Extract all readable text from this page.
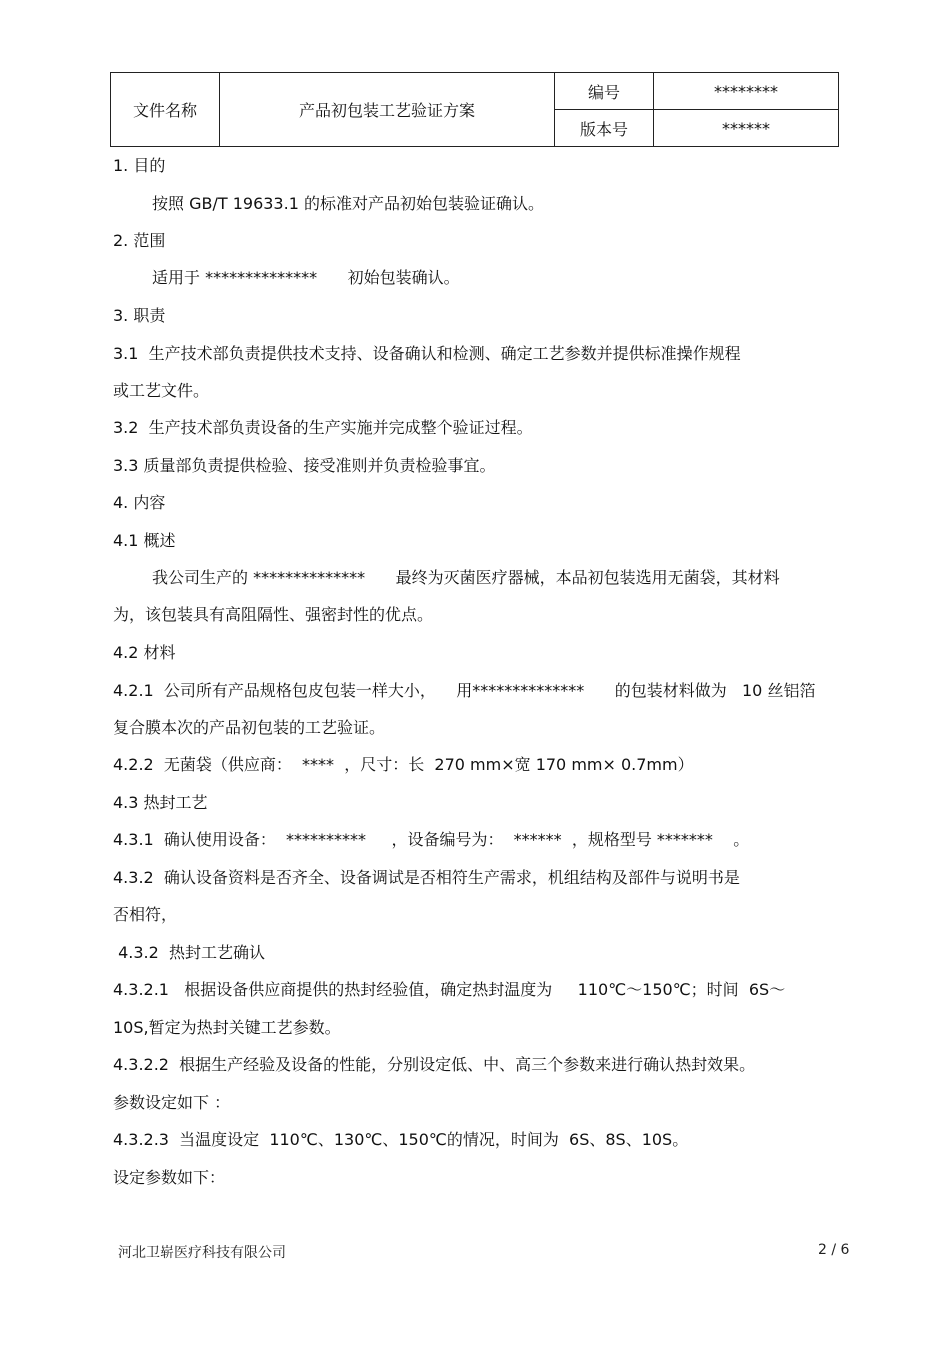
文件名称	产品初包装工艺验证方案	编号	********
		版本号	******
1. 目的
按照 GB/T 19633.1 的标准对产品初始包装验证确认。
2. 范围
适用于 **************      初始包装确认。
3. 职责
3.1  生产技术部负责提供技术支持、设备确认和检测、确定工艺参数并提供标准操作规程
或工艺文件。
3.2  生产技术部负责设备的生产实施并完成整个验证过程。
3.3 质量部负责提供检验、接受准则并负责检验事宜。
4. 内容
4.1 概述
我公司生产的 **************      最终为灭菌医疗器械，本品初包装选用无菌袋，其材料
为，该包装具有高阻隔性、强密封性的优点。
4.2 材料
4.2.1  公司所有产品规格包皮包装一样大小，    用**************      的包装材料做为   10 丝铝箔
复合膜本次的产品初包装的工艺验证。
4.2.2  无菌袋（供应商：  ****  ，尺寸：长  270 mm×宽 170 mm× 0.7mm）
4.3 热封工艺
4.3.1  确认使用设备：  **********     ，设备编号为：  ******  ，规格型号 *******    。
4.3.2  确认设备资料是否齐全、设备调试是否相符生产需求，机组结构及部件与说明书是
否相符，
4.3.2  热封工艺确认
4.3.2.1   根据设备供应商提供的热封经验值，确定热封温度为     110℃～150℃；时间  6S～
10S,暂定为热封关键工艺参数。
4.3.2.2  根据生产经验及设备的性能，分别设定低、中、高三个参数来进行确认热封效果。
参数设定如下 ：
4.3.2.3  当温度设定  110℃、130℃、150℃的情况，时间为  6S、8S、10S。
设定参数如下：
河北卫崭医疗科技有限公司	2 / 6
